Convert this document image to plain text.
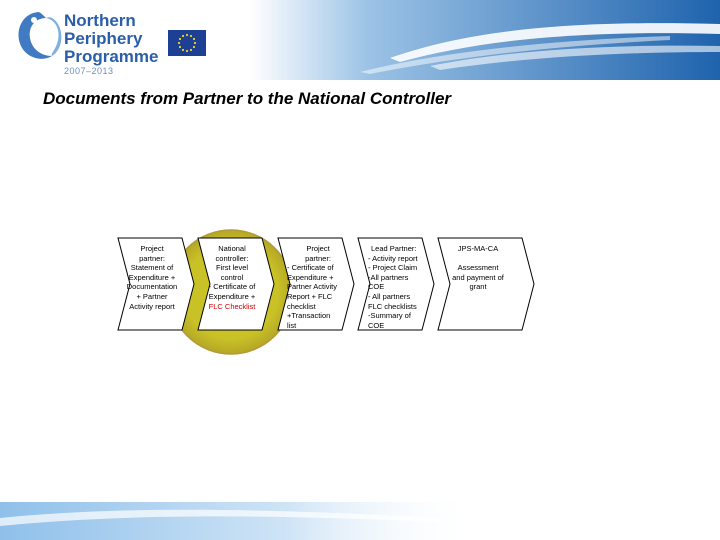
Northern
Periphery
Programme
2007–2013
Documents from Partner to the National Controller
Project
partner:
Statement of
Expenditure +
Documentation
+ Partner
Activity report
National
controller:
First level
control
- Certificate of
Expenditure +
FLC Checklist
Project
partner:
- Certificate of
Expenditure +
Partner Activity
Report + FLC
checklist
+Transaction
list
Lead Partner:
- Activity report
- Project Claim
-All partners
COE
- All partners
FLC checklists
-Summary of
COE
JPS-MA-CA
Assessment
and payment of
grant
